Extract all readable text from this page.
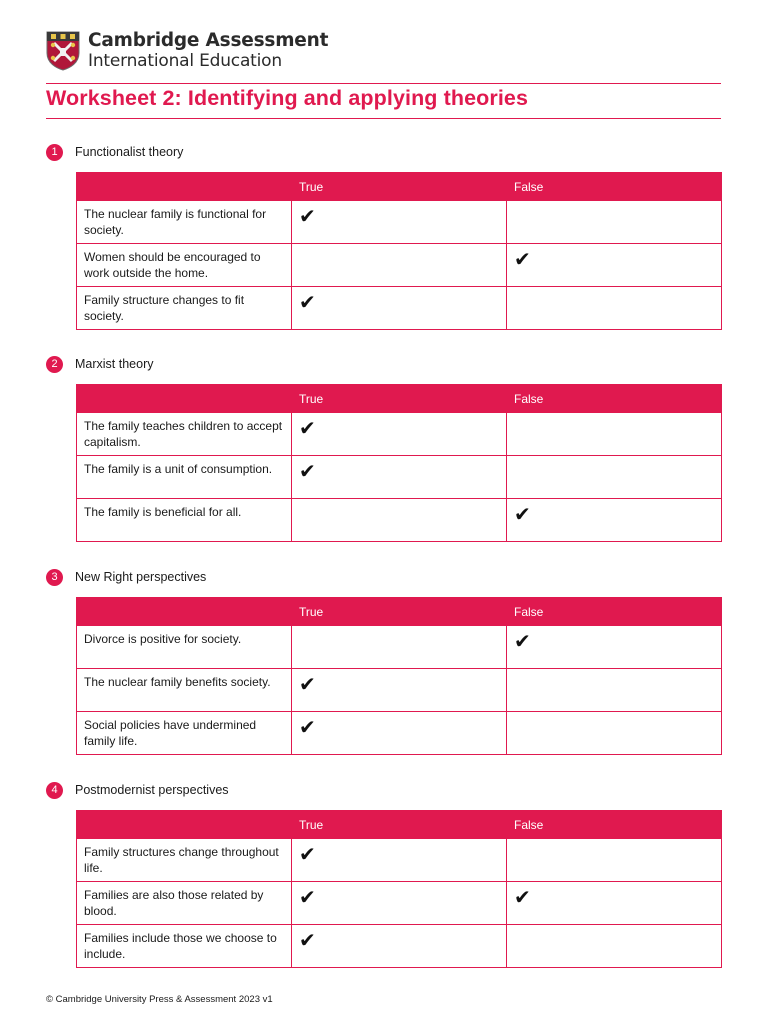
Cambridge Assessment
International Education
Worksheet 2: Identifying and applying theories
1	Functionalist theory
	True	False
The nuclear family is functional for society.	✔	
Women should be encouraged to work outside the home.		✔
Family structure changes to fit society.	✔	
2	Marxist theory
	True	False
The family teaches children to accept capitalism.	✔	
The family is a unit of consumption.	✔	
The family is beneficial for all.		✔
3	New Right perspectives
	True	False
Divorce is positive for society.		✔
The nuclear family benefits society.	✔	
Social policies have undermined family life.	✔	
4	Postmodernist perspectives
	True	False
Family structures change throughout life.	✔	
Families are also those related by blood.	✔	✔
Families include those we choose to include.	✔	
© Cambridge University Press & Assessment 2023 v1
